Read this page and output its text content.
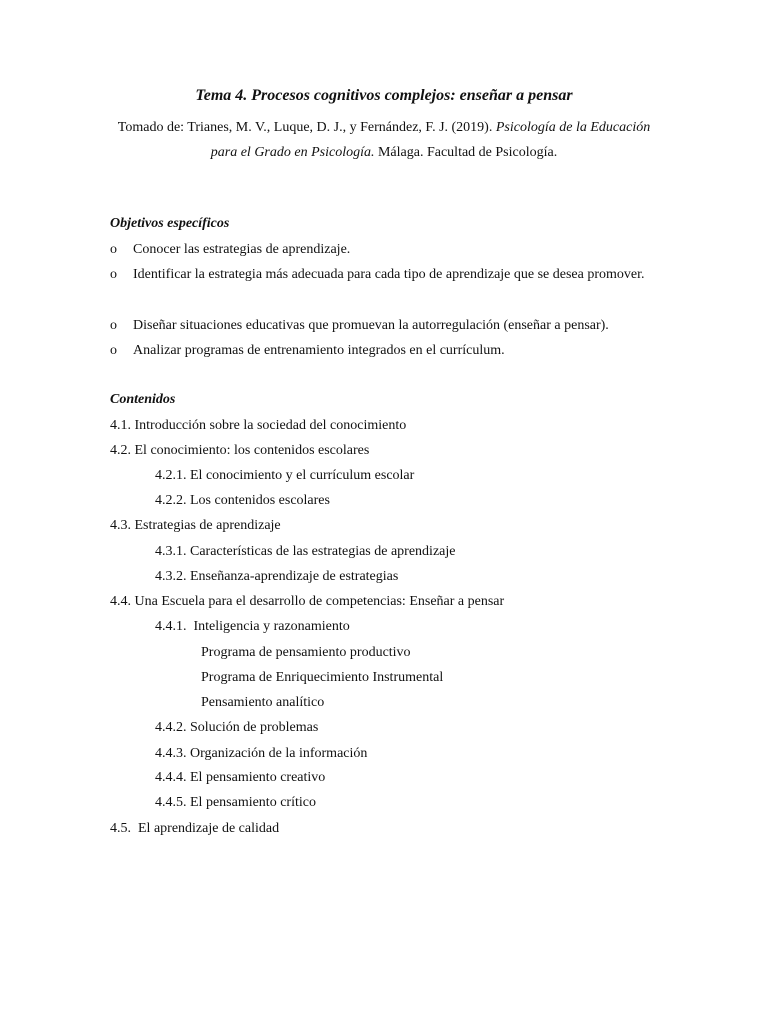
Tema 4. Procesos cognitivos complejos: enseñar a pensar
Tomado de: Trianes, M. V., Luque, D. J., y Fernández, F. J. (2019). Psicología de la Educación para el Grado en Psicología. Málaga. Facultad de Psicología.
Objetivos específicos
o	Conocer las estrategias de aprendizaje.
o	Identificar la estrategia más adecuada para cada tipo de aprendizaje que se desea promover.
o	Diseñar situaciones educativas que promuevan la autorregulación (enseñar a pensar).
o	Analizar programas de entrenamiento integrados en el currículum.
Contenidos
4.1. Introducción sobre la sociedad del conocimiento
4.2. El conocimiento: los contenidos escolares
4.2.1. El conocimiento y el currículum escolar
4.2.2. Los contenidos escolares
4.3. Estrategias de aprendizaje
4.3.1. Características de las estrategias de aprendizaje
4.3.2. Enseñanza-aprendizaje de estrategias
4.4. Una Escuela para el desarrollo de competencias: Enseñar a pensar
4.4.1.  Inteligencia y razonamiento
Programa de pensamiento productivo
Programa de Enriquecimiento Instrumental
Pensamiento analítico
4.4.2. Solución de problemas
4.4.3. Organización de la información
4.4.4. El pensamiento creativo
4.4.5. El pensamiento crítico
4.5.  El aprendizaje de calidad
